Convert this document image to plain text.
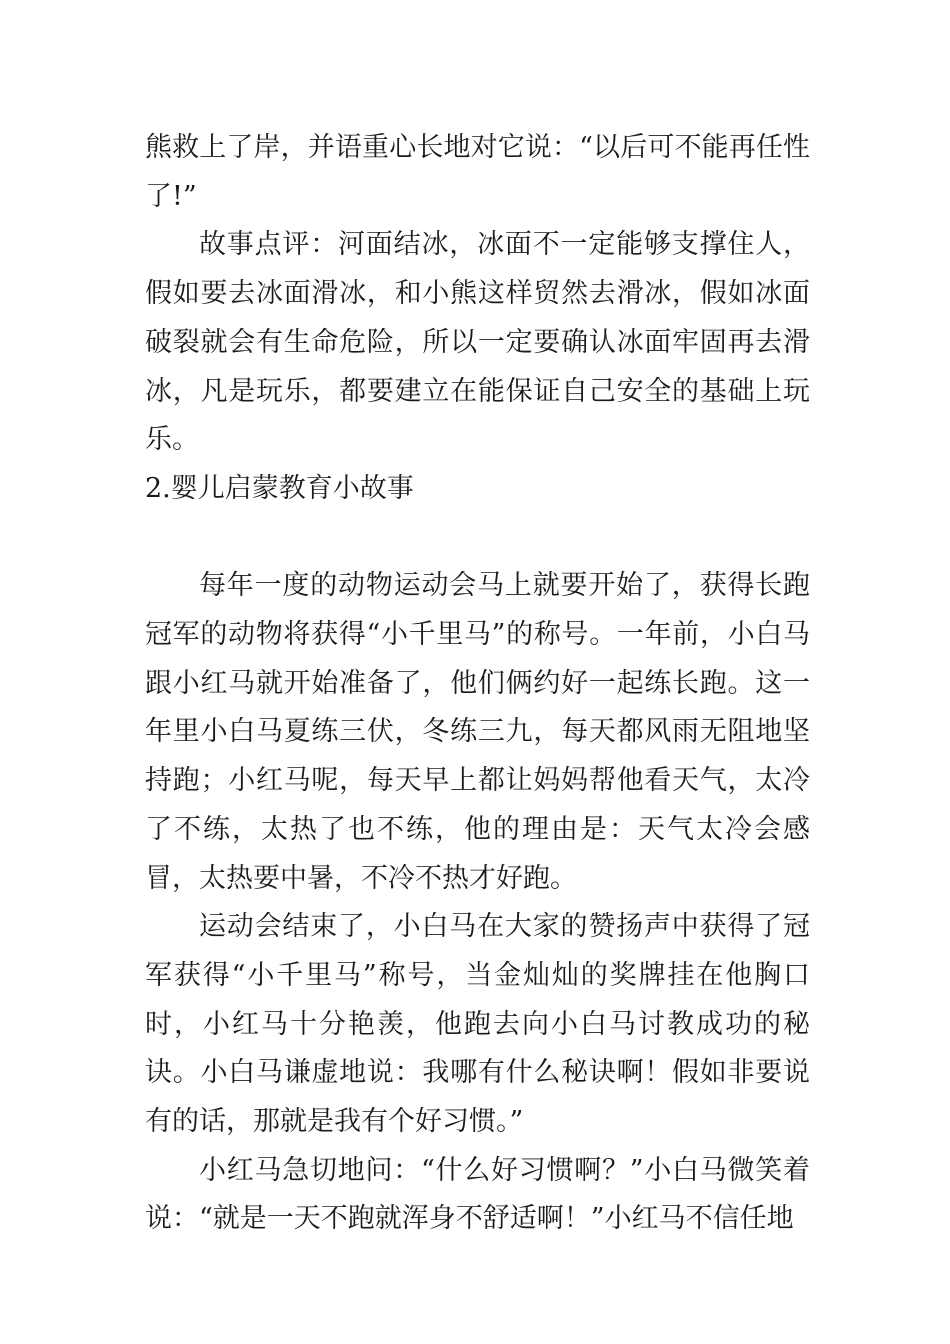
熊救上了岸，并语重心长地对它说：“以后可不能再任性了!”

故事点评：河面结冰，冰面不一定能够支撑住人，假如要去冰面滑冰，和小熊这样贸然去滑冰，假如冰面破裂就会有生命危险，所以一定要确认冰面牢固再去滑冰，凡是玩乐，都要建立在能保证自己安全的基础上玩乐。

2.婴儿启蒙教育小故事

每年一度的动物运动会马上就要开始了，获得长跑冠军的动物将获得“小千里马”的称号。一年前，小白马跟小红马就开始准备了，他们俩约好一起练长跑。这一年里小白马夏练三伏，冬练三九，每天都风雨无阻地坚持跑；小红马呢，每天早上都让妈妈帮他看天气，太冷了不练，太热了也不练，他的理由是：天气太冷会感冒，太热要中暑，不冷不热才好跑。

运动会结束了，小白马在大家的赞扬声中获得了冠军获得“小千里马”称号，当金灿灿的奖牌挂在他胸口时，小红马十分艳羡，他跑去向小白马讨教成功的秘诀。小白马谦虚地说：我哪有什么秘诀啊！假如非要说有的话，那就是我有个好习惯。”

小红马急切地问：“什么好习惯啊？”小白马微笑着说：“就是一天不跑就浑身不舒适啊！”小红马不信任地
